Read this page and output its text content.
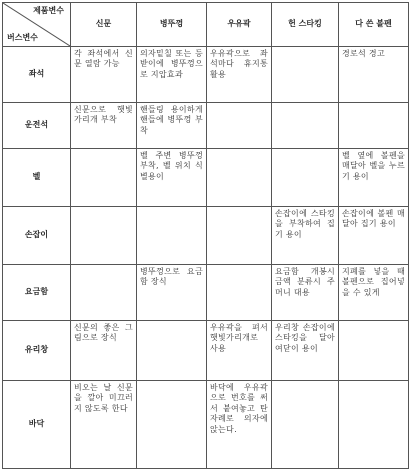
제품변수
버스변수	신문	병뚜껑	우유곽	헌 스타킹	다 쓴 볼펜
좌석	각 좌석에서 신문 열람 가능	의자밑칠 또는 등받이에 병뚜껑으로 지압효과	우유곽으로 좌석마다 휴지통 활용		경로석 경고
운전석	신문으로 햇빛가리개 부착	핸들링 용이하게 핸들에 병뚜껑 부착			
벨		벨 주변 병뚜껑 부착, 벨 위치 식별용이			벨 옆에 볼펜을 매달아 벨을 누르기 용이
손잡이				손잡이에 스타킹을 부착하여 집기 용이	손잡이에 볼펜 매달아 집기 용이
요금함		병뚜껑으로 요금함 장식		요금함 개봉시 금액 분류시 주머니 대용	지폐를 넣을 때 볼펜으로 집어넣을 수 있게
유리창	신문의 좋은 그림으로 장식		우유곽을 펴서 햇빛가리개로 사용	우리창 손잡이에 스타킹을 달아 여닫이 용이	
바닥	비오는 날 신문을 깔아 미끄러지 않도록 한다		바닥에 우유곽으로 번호를 써서 붙여놓고 탄 자례로 의자에 앉는다.		
